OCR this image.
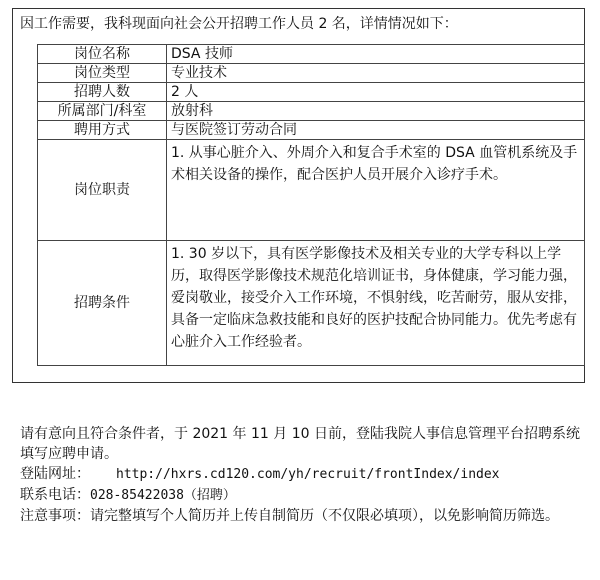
因工作需要，我科现面向社会公开招聘工作人员 2 名，详情情况如下：
岗位名称	DSA 技师
岗位类型	专业技术
招聘人数	2 人
所属部门/科室	放射科
聘用方式	与医院签订劳动合同
岗位职责	1. 从事心脏介入、外周介入和复合手术室的 DSA 血管机系统及手术相关设备的操作，配合医护人员开展介入诊疗手术。

招聘条件	1. 30 岁以下，具有医学影像技术及相关专业的大学专科以上学历，取得医学影像技术规范化培训证书，身体健康，学习能力强，爱岗敬业，接受介入工作环境，不惧射线，吃苦耐劳，服从安排，具备一定临床急救技能和良好的医护技配合协同能力。优先考虑有心脏介入工作经验者。

请有意向且符合条件者，于 2021 年 11 月 10 日前，登陆我院人事信息管理平台招聘系统填写应聘申请。

登陆网址： http://hxrs.cd120.com/yh/recruit/frontIndex/index

联系电话：028-85422038（招聘）

注意事项：请完整填写个人简历并上传自制简历（不仅限必填项），以免影响简历筛选。
